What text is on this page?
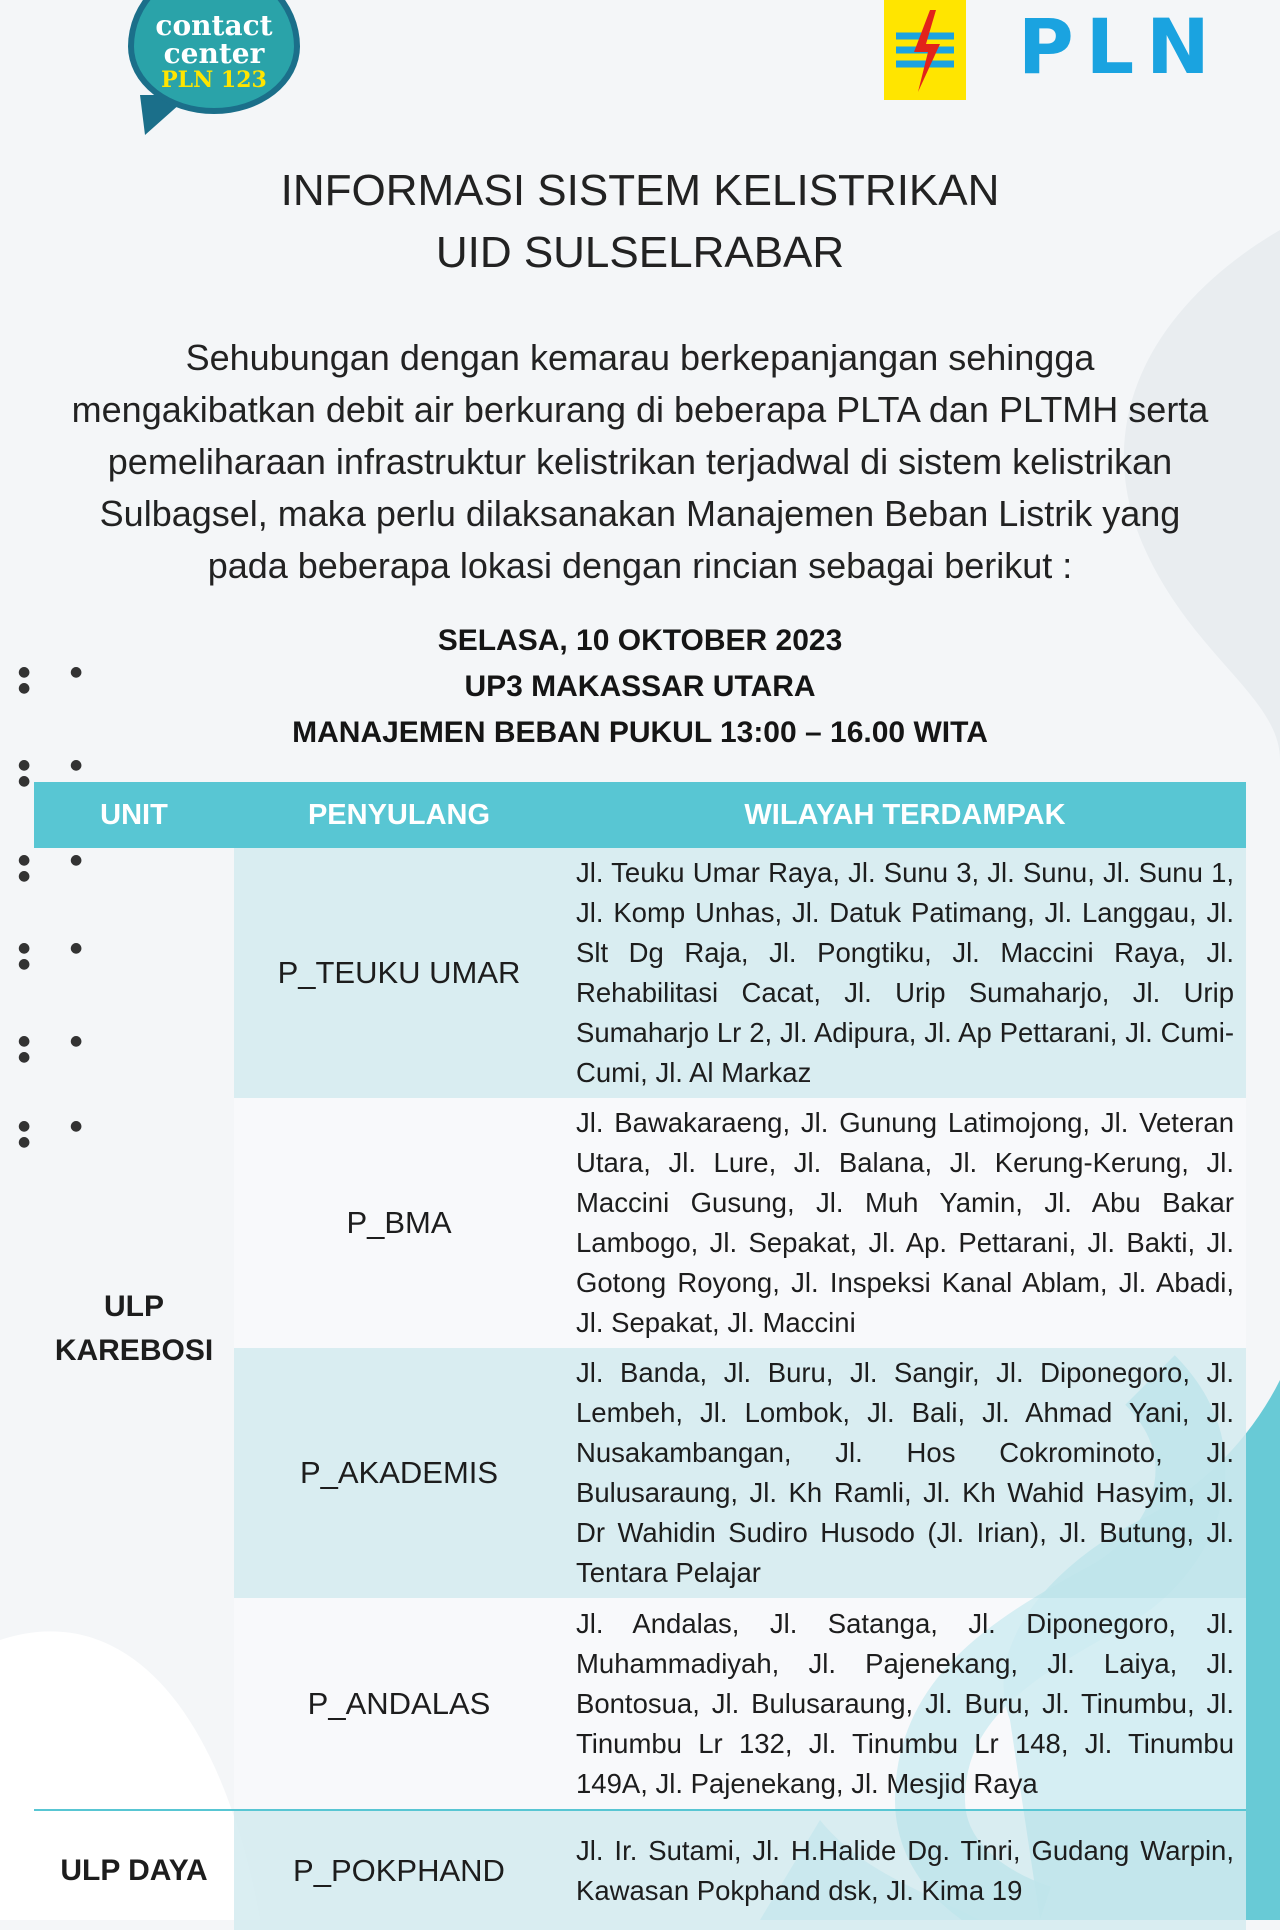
contact center
PLN 123	PLN
INFORMASI SISTEM KELISTRIKAN
UID SULSELRABAR
Sehubungan dengan kemarau berkepanjangan sehingga mengakibatkan debit air berkurang di beberapa PLTA dan PLTMH serta pemeliharaan infrastruktur kelistrikan terjadwal di sistem kelistrikan Sulbagsel, maka perlu dilaksanakan Manajemen Beban Listrik yang pada beberapa lokasi dengan rincian sebagai berikut :
SELASA, 10 OKTOBER 2023
UP3 MAKASSAR UTARA
MANAJEMEN BEBAN PUKUL 13:00 – 16.00 WITA
●	●●
●	●●
●	●●
●	●●
●	●●
●	●●
UNIT	PENYULANG	WILAYAH TERDAMPAK
ULP KAREBOSI	P_TEUKU UMAR	Jl. Teuku Umar Raya, Jl. Sunu 3, Jl. Sunu, Jl. Sunu 1, Jl. Komp Unhas, Jl. Datuk Patimang, Jl. Langgau, Jl. Slt Dg Raja, Jl. Pongtiku, Jl. Maccini Raya, Jl. Rehabilitasi Cacat, Jl. Urip Sumaharjo, Jl. Urip Sumaharjo Lr 2, Jl. Adipura, Jl. Ap Pettarani, Jl. Cumi-Cumi, Jl. Al Markaz
	P_BMA	Jl. Bawakaraeng, Jl. Gunung Latimojong, Jl. Veteran Utara, Jl. Lure, Jl. Balana, Jl. Kerung-Kerung, Jl. Maccini Gusung, Jl. Muh Yamin, Jl. Abu Bakar Lambogo, Jl. Sepakat, Jl. Ap. Pettarani, Jl. Bakti, Jl. Gotong Royong, Jl. Inspeksi Kanal Ablam, Jl. Abadi, Jl. Sepakat, Jl. Maccini
	P_AKADEMIS	Jl. Banda, Jl. Buru, Jl. Sangir, Jl. Diponegoro, Jl. Lembeh, Jl. Lombok, Jl. Bali, Jl. Ahmad Yani, Jl. Nusakambangan, Jl. Hos Cokrominoto, Jl. Bulusaraung, Jl. Kh Ramli, Jl. Kh Wahid Hasyim, Jl. Dr Wahidin Sudiro Husodo (Jl. Irian), Jl. Butung, Jl. Tentara Pelajar
	P_ANDALAS	Jl. Andalas, Jl. Satanga, Jl. Diponegoro, Jl. Muhammadiyah, Jl. Pajenekang, Jl. Laiya, Jl. Bontosua, Jl. Bulusaraung, Jl. Buru, Jl. Tinumbu, Jl. Tinumbu Lr 132, Jl. Tinumbu Lr 148, Jl. Tinumbu 149A, Jl. Pajenekang, Jl. Mesjid Raya
ULP DAYA	P_POKPHAND	Jl. Ir. Sutami, Jl. H.Halide Dg. Tinri, Gudang Warpin, Kawasan Pokphand dsk, Jl. Kima 19
